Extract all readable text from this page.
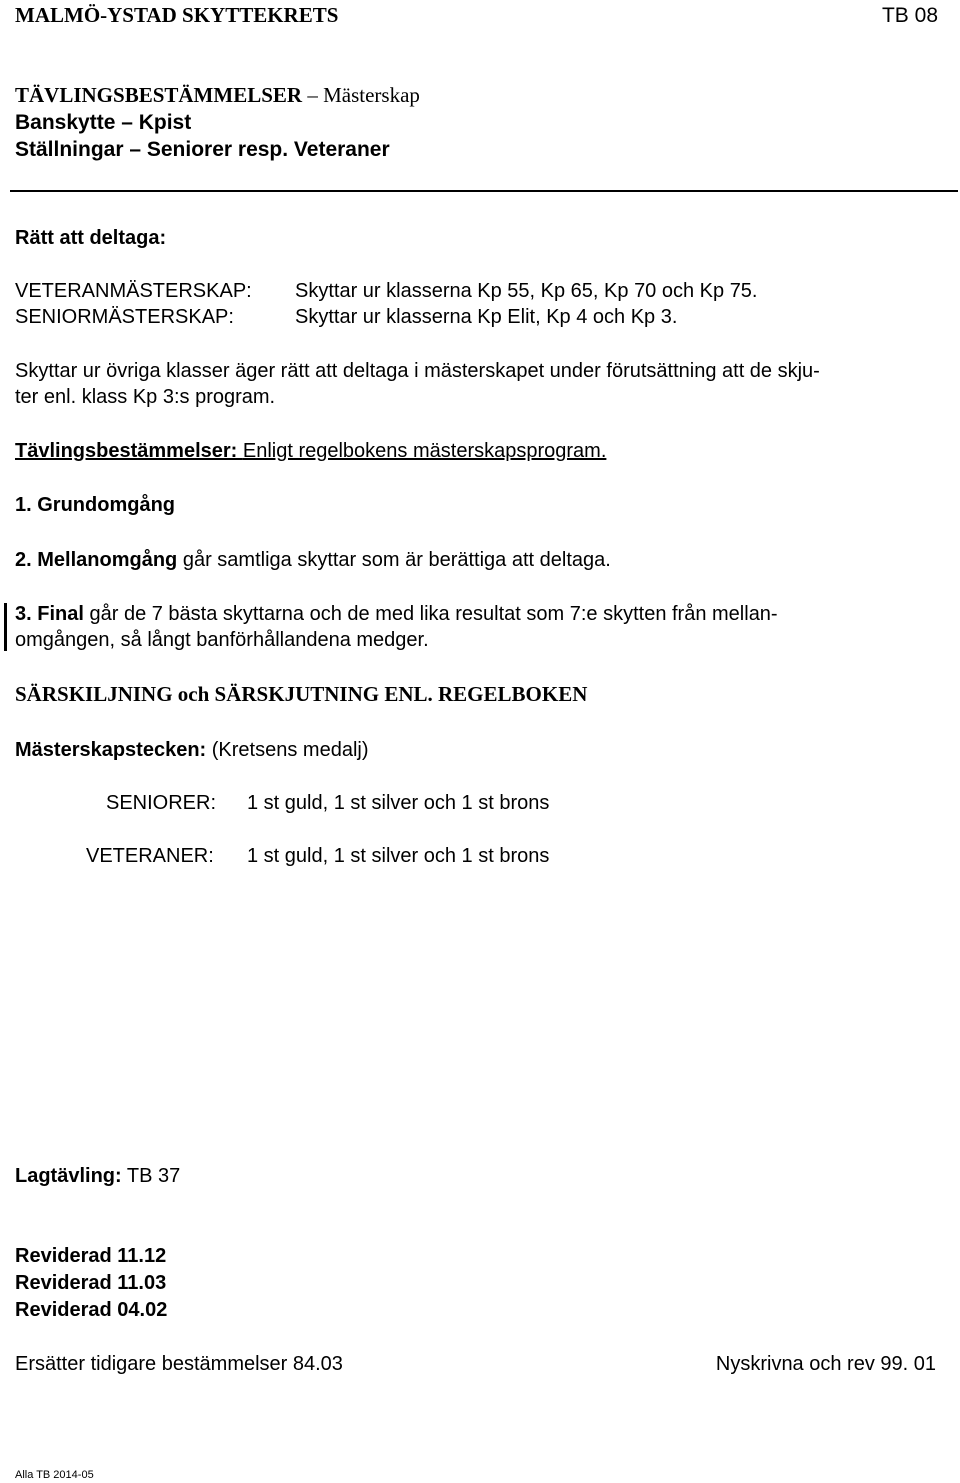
MALMÖ-YSTAD SKYTTEKRETS	TB 08
TÄVLINGSBESTÄMMELSER – Mästerskap
Banskytte – Kpist
Ställningar – Seniorer resp. Veteraner
Rätt att deltaga:
VETERANMÄSTERSKAP: Skyttar ur klasserna Kp 55, Kp 65, Kp 70 och Kp 75.
SENIORMÄSTERSKAP:	Skyttar ur klasserna Kp Elit, Kp 4 och Kp 3.
Skyttar ur övriga klasser äger rätt att deltaga i mästerskapet under förutsättning att de skju-
ter enl. klass Kp 3:s program.
Tävlingsbestämmelser: Enligt regelbokens mästerskapsprogram.
1. Grundomgång
2. Mellanomgång går samtliga skyttar som är berättiga att deltaga.
3. Final går de 7 bästa skyttarna och de med lika resultat som 7:e skytten från mellan-
omgången, så långt banförhållandena medger.
SÄRSKILJNING och SÄRSKJUTNING ENL. REGELBOKEN
Mästerskapstecken: (Kretsens medalj)
SENIORER: 1 st guld, 1 st silver och 1 st brons
VETERANER: 1 st guld, 1 st silver och 1 st brons
Lagtävling: TB 37
Reviderad 11.12
Reviderad 11.03
Reviderad 04.02
Ersätter tidigare bestämmelser 84.03	Nyskrivna och rev 99. 01
Alla TB 2014-05
